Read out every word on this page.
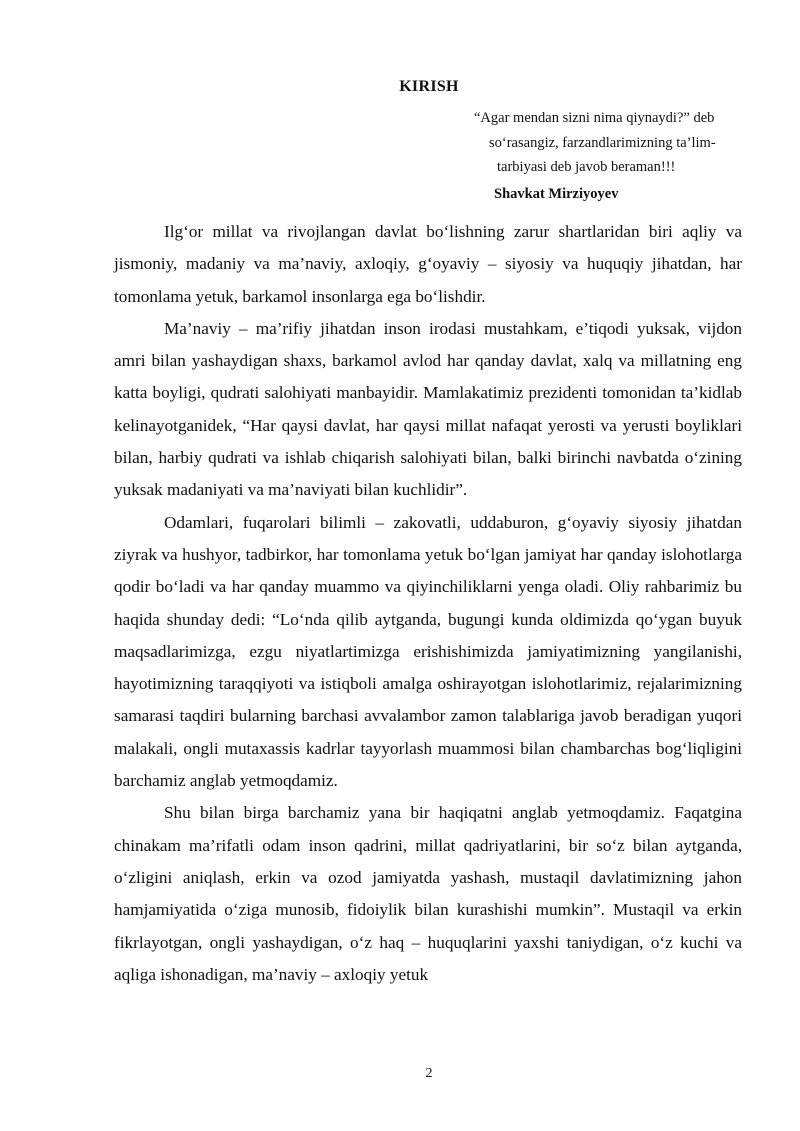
KIRISH
“Agar mendan sizni nima qiynaydi?” deb
so‘rasangiz, farzandlarimizning ta’lim-
tarbiyasi deb javob beraman!!!
Shavkat Mirziyoyev

Ilg‘or millat va rivojlangan davlat bo‘lishning zarur shartlaridan biri aqliy va jismoniy, madaniy va ma’naviy, axloqiy, g‘oyaviy – siyosiy va huquqiy jihatdan, har tomonlama yetuk, barkamol insonlarga ega bo‘lishdir.

Ma’naviy – ma’rifiy jihatdan inson irodasi mustahkam, e’tiqodi yuksak, vijdon amri bilan yashaydigan shaxs, barkamol avlod har qanday davlat, xalq va millatning eng katta boyligi, qudrati salohiyati manbayidir. Mamlakatimiz prezidenti tomonidan ta’kidlab kelinayotganidek, “Har qaysi davlat, har qaysi millat nafaqat yerosti va yerusti boyliklari bilan, harbiy qudrati va ishlab chiqarish salohiyati bilan, balki birinchi navbatda o‘zining yuksak madaniyati va ma’naviyati bilan kuchlidir”.

Odamlari, fuqarolari bilimli – zakovatli, uddaburon, g‘oyaviy siyosiy jihatdan ziyrak va hushyor, tadbirkor, har tomonlama yetuk bo‘lgan jamiyat har qanday islohotlarga qodir bo‘ladi va har qanday muammo va qiyinchiliklarni yenga oladi. Oliy rahbarimiz bu haqida shunday dedi: “Lo‘nda qilib aytganda, bugungi kunda oldimizda qo‘ygan buyuk maqsadlarimizga, ezgu niyatlartimizga erishishimizda jamiyatimizning yangilanishi, hayotimizning taraqqiyoti va istiqboli amalga oshirayotgan islohotlarimiz, rejalarimizning samarasi taqdiri bularning barchasi avvalambor zamon talablariga javob beradigan yuqori malakali, ongli mutaxassis kadrlar tayyorlash muammosi bilan chambarchas bog‘liqligini barchamiz anglab yetmoqdamiz.

Shu bilan birga barchamiz yana bir haqiqatni anglab yetmoqdamiz. Faqatgina chinakam ma’rifatli odam inson qadrini, millat qadriyatlarini, bir so‘z bilan aytganda, o‘zligini aniqlash, erkin va ozod jamiyatda yashash, mustaqil davlatimizning jahon hamjamiyatida o‘ziga munosib, fidoiylik bilan kurashishi mumkin”. Mustaqil va erkin fikrlayotgan, ongli yashaydigan, o‘z haq – huquqlarini yaxshi taniydigan, o‘z kuchi va aqliga ishonadigan, ma’naviy – axloqiy yetuk

2
